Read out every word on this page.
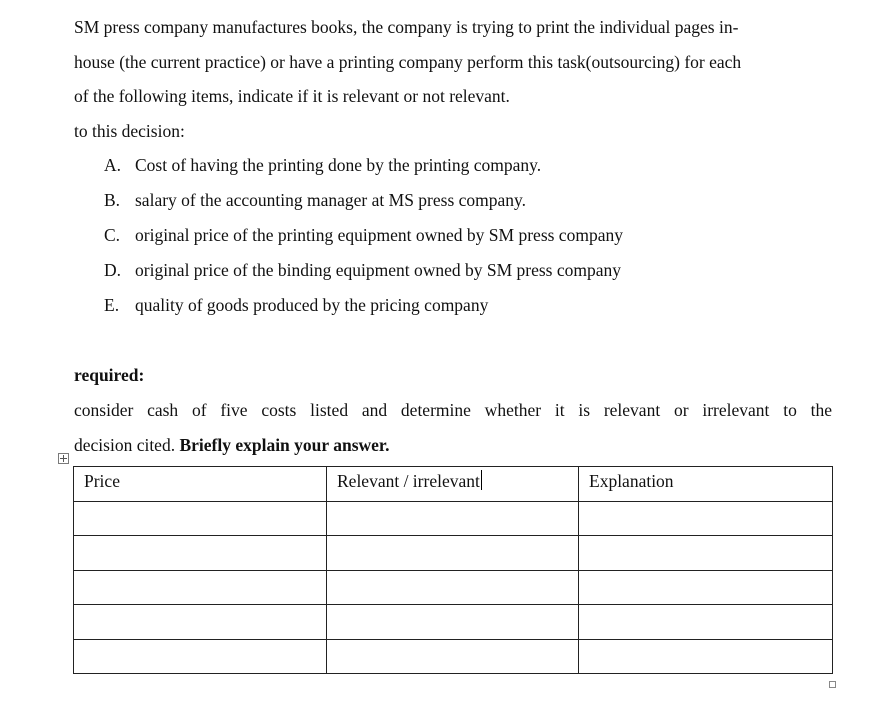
SM press company manufactures books, the company is trying to print the individual pages in-
house (the current practice) or have a printing company perform this task(outsourcing) for each
of the following items, indicate if it is relevant or not relevant.
to this decision:
A. Cost of having the printing done by the printing company.
B. salary of the accounting manager at MS press company.
C. original price of the printing equipment owned by SM press company
D. original price of the binding equipment owned by SM press company
E. quality of goods produced by the pricing company
required:
consider cash of five costs listed and determine whether it is relevant or irrelevant to the
decision cited. Briefly explain your answer.
Price	Relevant / irrelevant	Explanation
